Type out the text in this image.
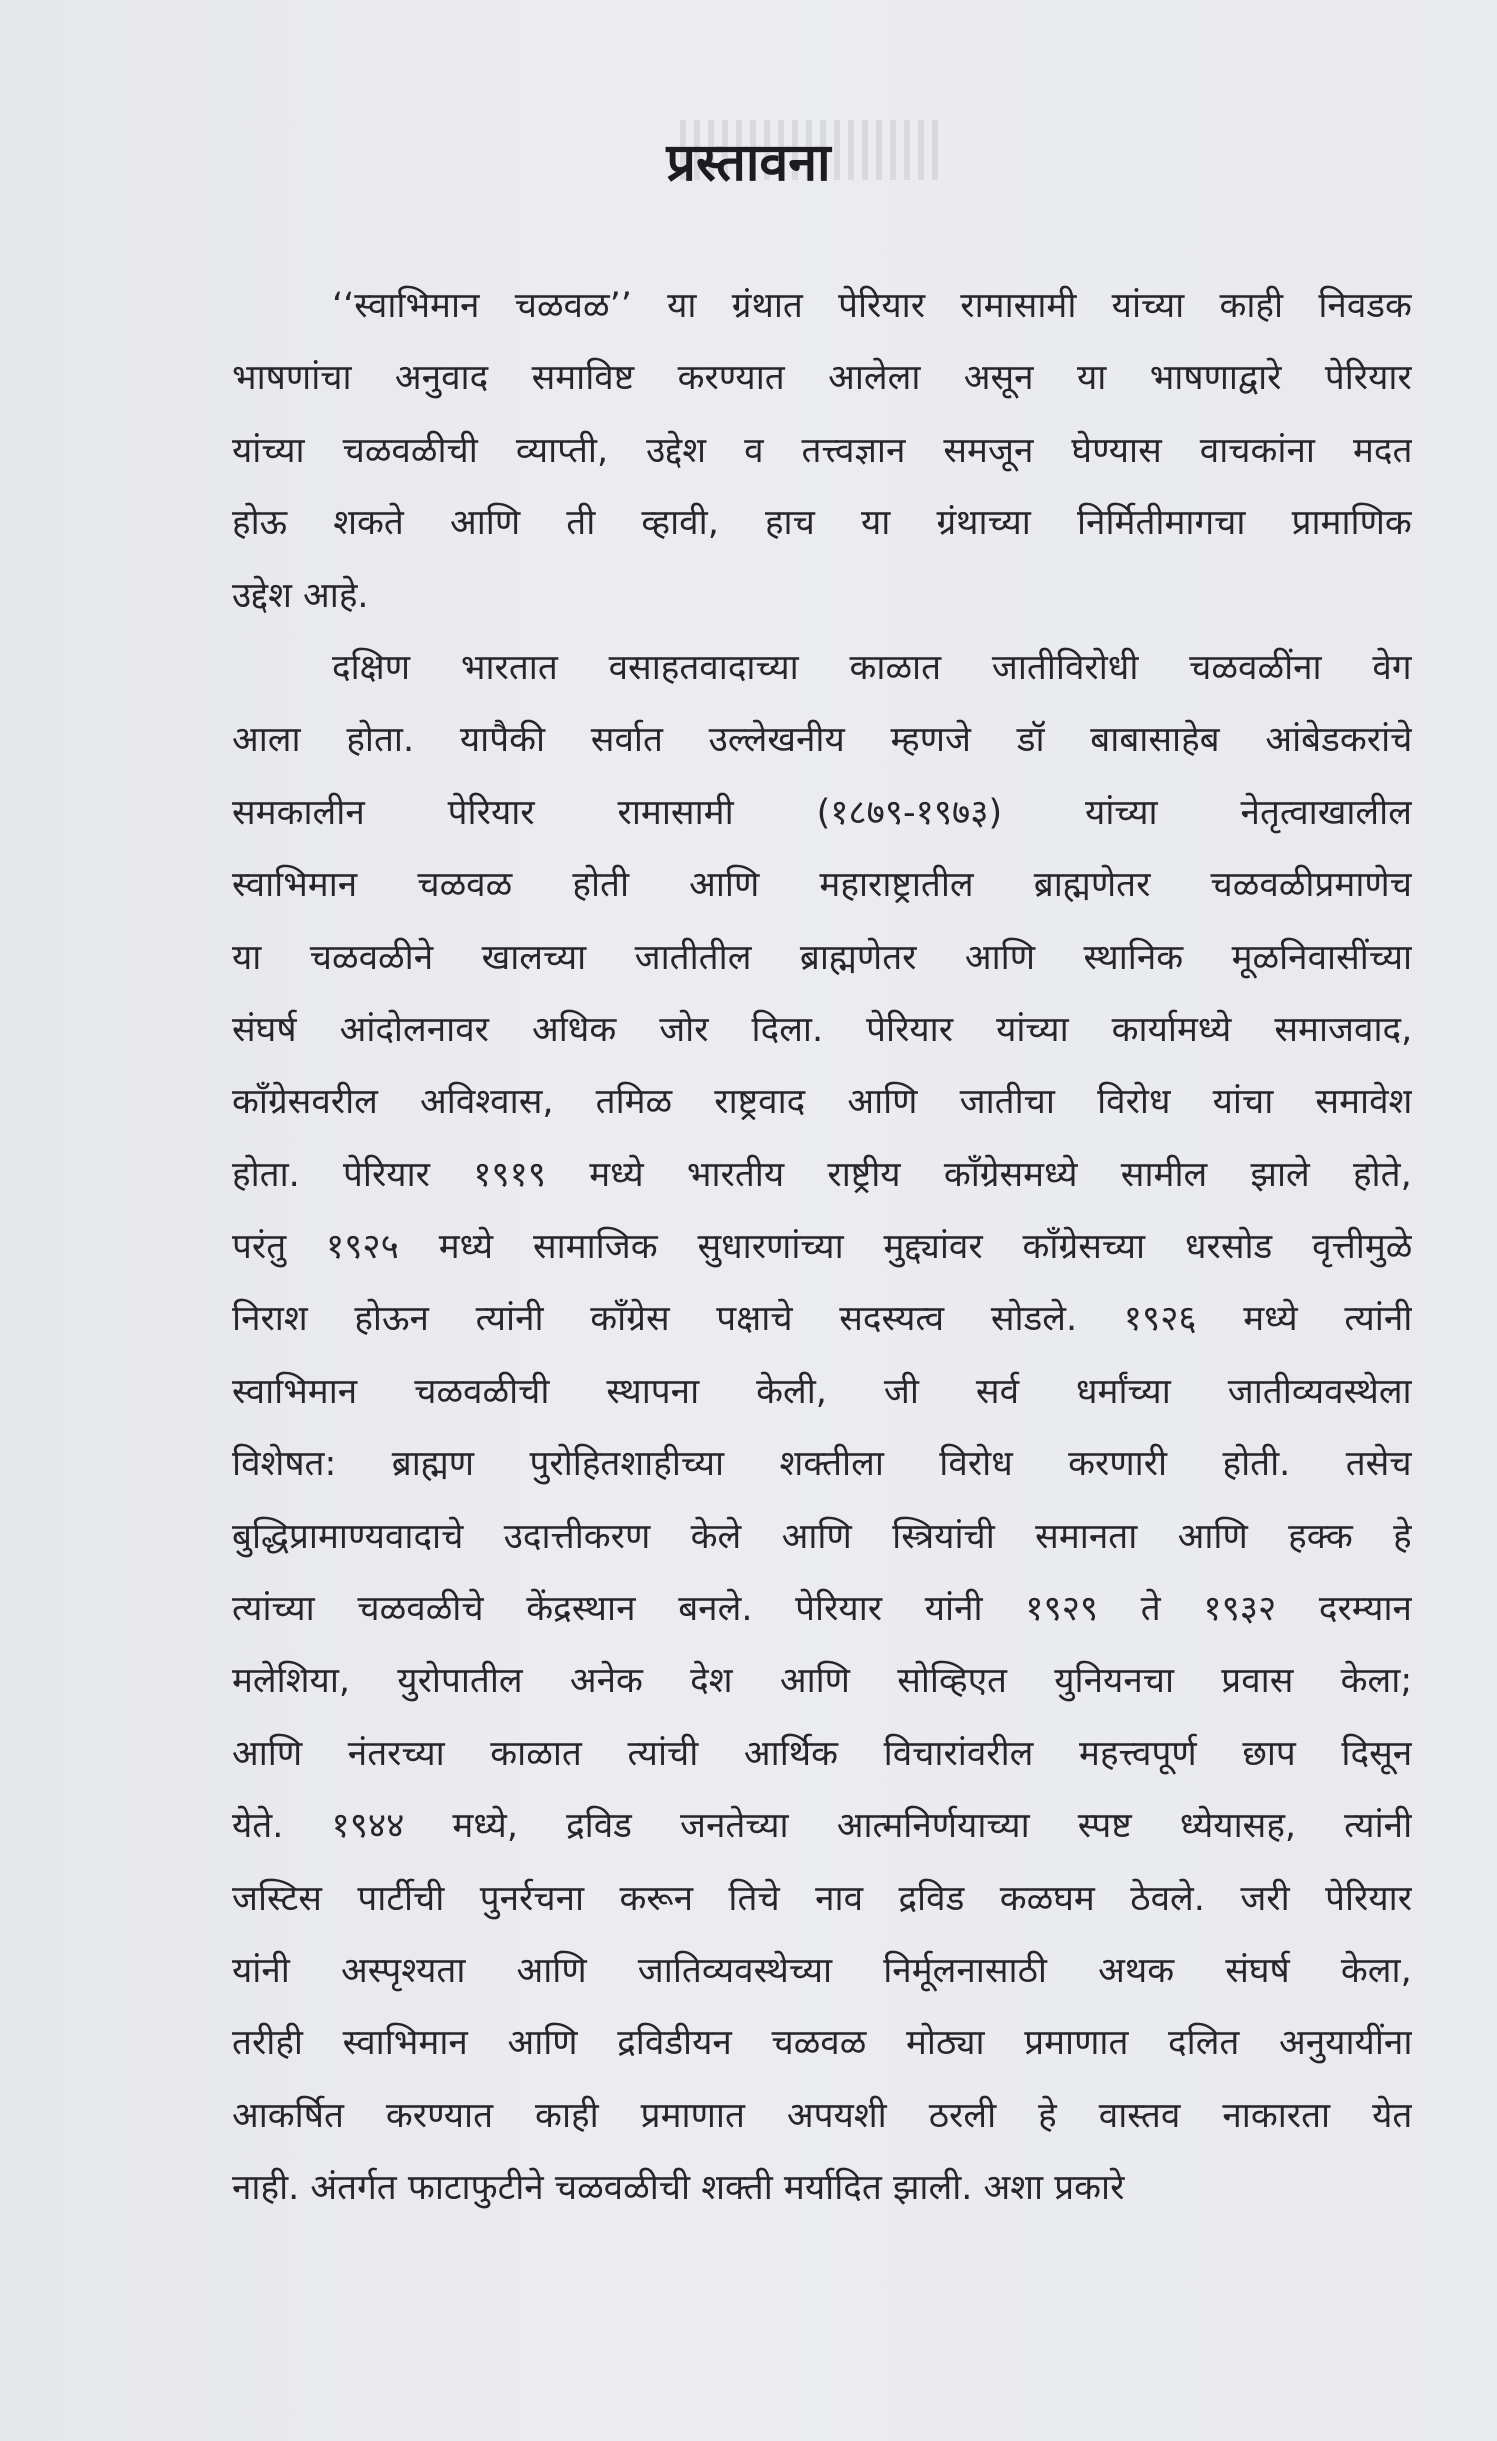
प्रस्तावना

‘‘स्वाभिमान चळवळ’’ या ग्रंथात पेरियार रामासामी यांच्या काही निवडक
भाषणांचा अनुवाद समाविष्ट करण्यात आलेला असून या भाषणाद्वारे पेरियार
यांच्या चळवळीची व्याप्ती, उद्देश व तत्त्वज्ञान समजून घेण्यास वाचकांना मदत
होऊ शकते आणि ती व्हावी, हाच या ग्रंथाच्या निर्मितीमागचा प्रामाणिक
उद्देश आहे.

दक्षिण भारतात वसाहतवादाच्या काळात जातीविरोधी चळवळींना वेग
आला होता. यापैकी सर्वात उल्लेखनीय म्हणजे डॉ बाबासाहेब आंबेडकरांचे
समकालीन पेरियार रामासामी (१८७९-१९७३) यांच्या नेतृत्वाखालील
स्वाभिमान चळवळ होती आणि महाराष्ट्रातील ब्राह्मणेतर चळवळीप्रमाणेच
या चळवळीने खालच्या जातीतील ब्राह्मणेतर आणि स्थानिक मूळनिवासींच्या
संघर्ष आंदोलनावर अधिक जोर दिला. पेरियार यांच्या कार्यामध्ये समाजवाद,
काँग्रेसवरील अविश्वास, तमिळ राष्ट्रवाद आणि जातीचा विरोध यांचा समावेश
होता. पेरियार १९१९ मध्ये भारतीय राष्ट्रीय काँग्रेसमध्ये सामील झाले होते,
परंतु १९२५ मध्ये सामाजिक सुधारणांच्या मुद्द्यांवर काँग्रेसच्या धरसोड वृत्तीमुळे
निराश होऊन त्यांनी काँग्रेस पक्षाचे सदस्यत्व सोडले. १९२६ मध्ये त्यांनी
स्वाभिमान चळवळीची स्थापना केली, जी सर्व धर्मांच्या जातीव्यवस्थेला
विशेषत: ब्राह्मण पुरोहितशाहीच्या शक्तीला विरोध करणारी होती. तसेच
बुद्धिप्रामाण्यवादाचे उदात्तीकरण केले आणि स्त्रियांची समानता आणि हक्क हे
त्यांच्या चळवळीचे केंद्रस्थान बनले. पेरियार यांनी १९२९ ते १९३२ दरम्यान
मलेशिया, युरोपातील अनेक देश आणि सोव्हिएत युनियनचा प्रवास केला;
आणि नंतरच्या काळात त्यांची आर्थिक विचारांवरील महत्त्वपूर्ण छाप दिसून
येते. १९४४ मध्ये, द्रविड जनतेच्या आत्मनिर्णयाच्या स्पष्ट ध्येयासह, त्यांनी
जस्टिस पार्टीची पुनर्रचना करून तिचे नाव द्रविड कळघम ठेवले. जरी पेरियार
यांनी अस्पृश्यता आणि जातिव्यवस्थेच्या निर्मूलनासाठी अथक संघर्ष केला,
तरीही स्वाभिमान आणि द्रविडीयन चळवळ मोठ्या प्रमाणात दलित अनुयायींना
आकर्षित करण्यात काही प्रमाणात अपयशी ठरली हे वास्तव नाकारता येत
नाही. अंतर्गत फाटाफुटीने चळवळीची शक्ती मर्यादित झाली. अशा प्रकारे
